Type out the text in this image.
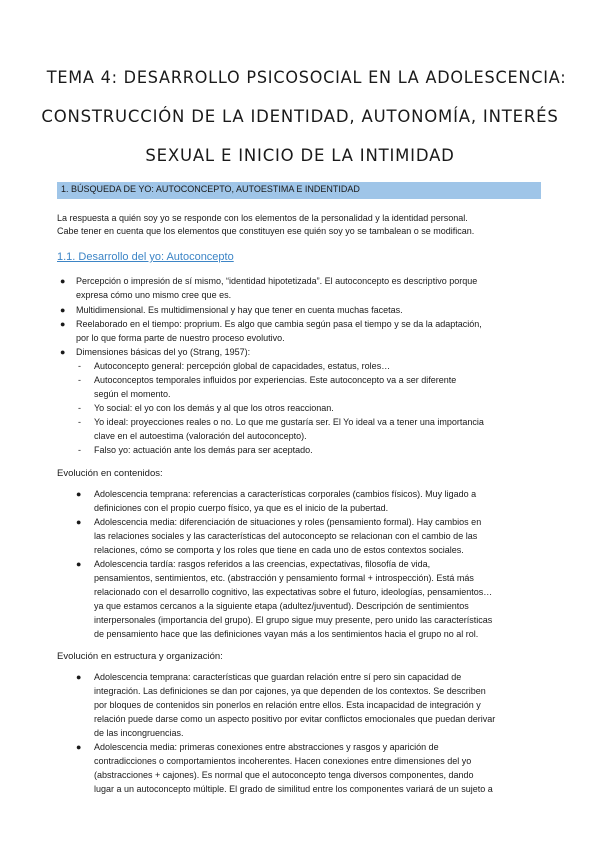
TEMA 4: DESARROLLO PSICOSOCIAL EN LA ADOLESCENCIA:
CONSTRUCCIÓN DE LA IDENTIDAD, AUTONOMÍA, INTERÉS
SEXUAL E INICIO DE LA INTIMIDAD
1. BÚSQUEDA DE YO: AUTOCONCEPTO, AUTOESTIMA E INDENTIDAD
La respuesta a quién soy yo se responde con los elementos de la personalidad y la identidad personal.
Cabe tener en cuenta que los elementos que constituyen ese quién soy yo se tambalean o se modifican.
1.1. Desarrollo del yo: Autoconcepto
● Percepción o impresión de sí mismo, “identidad hipotetizada”. El autoconcepto es descriptivo porque
expresa cómo uno mismo cree que es.
● Multidimensional. Es multidimensional y hay que tener en cuenta muchas facetas.
● Reelaborado en el tiempo: proprium. Es algo que cambia según pasa el tiempo y se da la adaptación,
por lo que forma parte de nuestro proceso evolutivo.
● Dimensiones básicas del yo (Strang, 1957):
- Autoconcepto general: percepción global de capacidades, estatus, roles…
- Autoconceptos temporales influidos por experiencias. Este autoconcepto va a ser diferente
según el momento.
- Yo social: el yo con los demás y al que los otros reaccionan.
- Yo ideal: proyecciones reales o no. Lo que me gustaría ser. El Yo ideal va a tener una importancia
clave en el autoestima (valoración del autoconcepto).
- Falso yo: actuación ante los demás para ser aceptado.
Evolución en contenidos:
● Adolescencia temprana: referencias a características corporales (cambios físicos). Muy ligado a
definiciones con el propio cuerpo físico, ya que es el inicio de la pubertad.
● Adolescencia media: diferenciación de situaciones y roles (pensamiento formal). Hay cambios en
las relaciones sociales y las características del autoconcepto se relacionan con el cambio de las
relaciones, cómo se comporta y los roles que tiene en cada uno de estos contextos sociales.
● Adolescencia tardía: rasgos referidos a las creencias, expectativas, filosofía de vida,
pensamientos, sentimientos, etc. (abstracción y pensamiento formal + introspección). Está más
relacionado con el desarrollo cognitivo, las expectativas sobre el futuro, ideologías, pensamientos…
ya que estamos cercanos a la siguiente etapa (adultez/juventud). Descripción de sentimientos
interpersonales (importancia del grupo). El grupo sigue muy presente, pero unido las características
de pensamiento hace que las definiciones vayan más a los sentimientos hacia el grupo no al rol.
Evolución en estructura y organización:
● Adolescencia temprana: características que guardan relación entre sí pero sin capacidad de
integración. Las definiciones se dan por cajones, ya que dependen de los contextos. Se describen
por bloques de contenidos sin ponerlos en relación entre ellos. Esta incapacidad de integración y
relación puede darse como un aspecto positivo por evitar conflictos emocionales que puedan derivar
de las incongruencias.
● Adolescencia media: primeras conexiones entre abstracciones y rasgos y aparición de
contradicciones o comportamientos incoherentes. Hacen conexiones entre dimensiones del yo
(abstracciones + cajones). Es normal que el autoconcepto tenga diversos componentes, dando
lugar a un autoconcepto múltiple. El grado de similitud entre los componentes variará de un sujeto a
